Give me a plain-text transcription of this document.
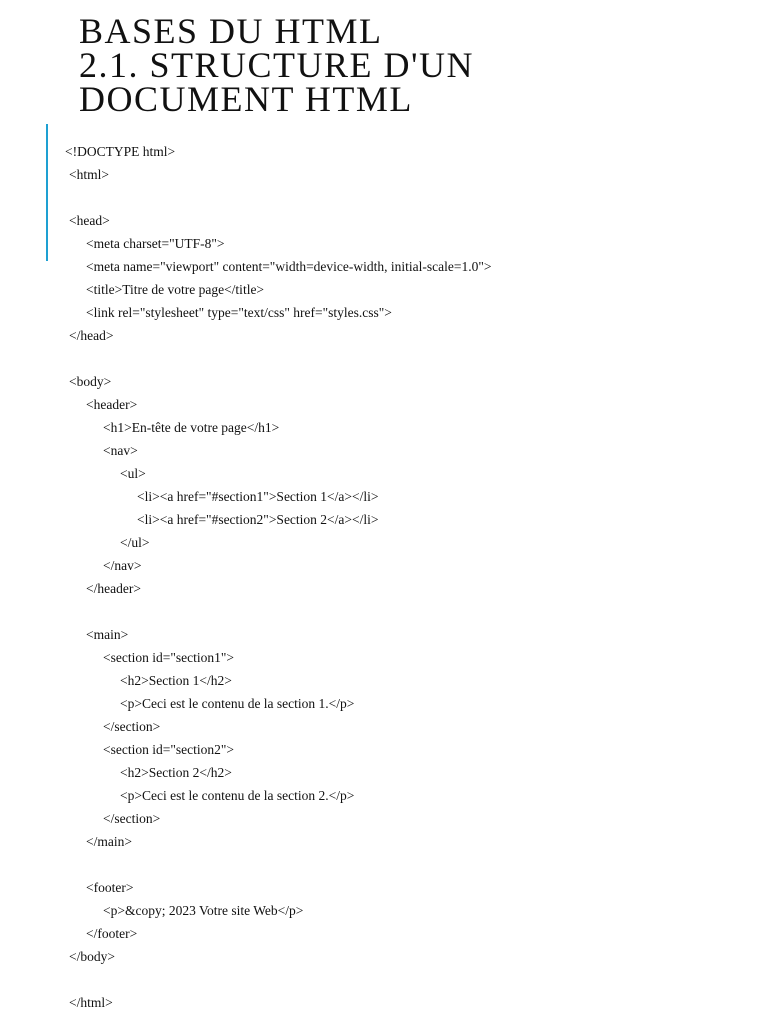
BASES DU HTML
2.1. STRUCTURE D'UN
DOCUMENT HTML
<!DOCTYPE html>
<html>
<head>
<meta charset="UTF-8">
<meta name="viewport" content="width=device-width, initial-scale=1.0">
<title>Titre de votre page</title>
<link rel="stylesheet" type="text/css" href="styles.css">
</head>
<body>
<header>
<h1>En-tête de votre page</h1>
<nav>
<ul>
<li><a href="#section1">Section 1</a></li>
<li><a href="#section2">Section 2</a></li>
</ul>
</nav>
</header>
<main>
<section id="section1">
<h2>Section 1</h2>
<p>Ceci est le contenu de la section 1.</p>
</section>
<section id="section2">
<h2>Section 2</h2>
<p>Ceci est le contenu de la section 2.</p>
</section>
</main>
<footer>
<p>&copy; 2023 Votre site Web</p>
</footer>
</body>
</html>
